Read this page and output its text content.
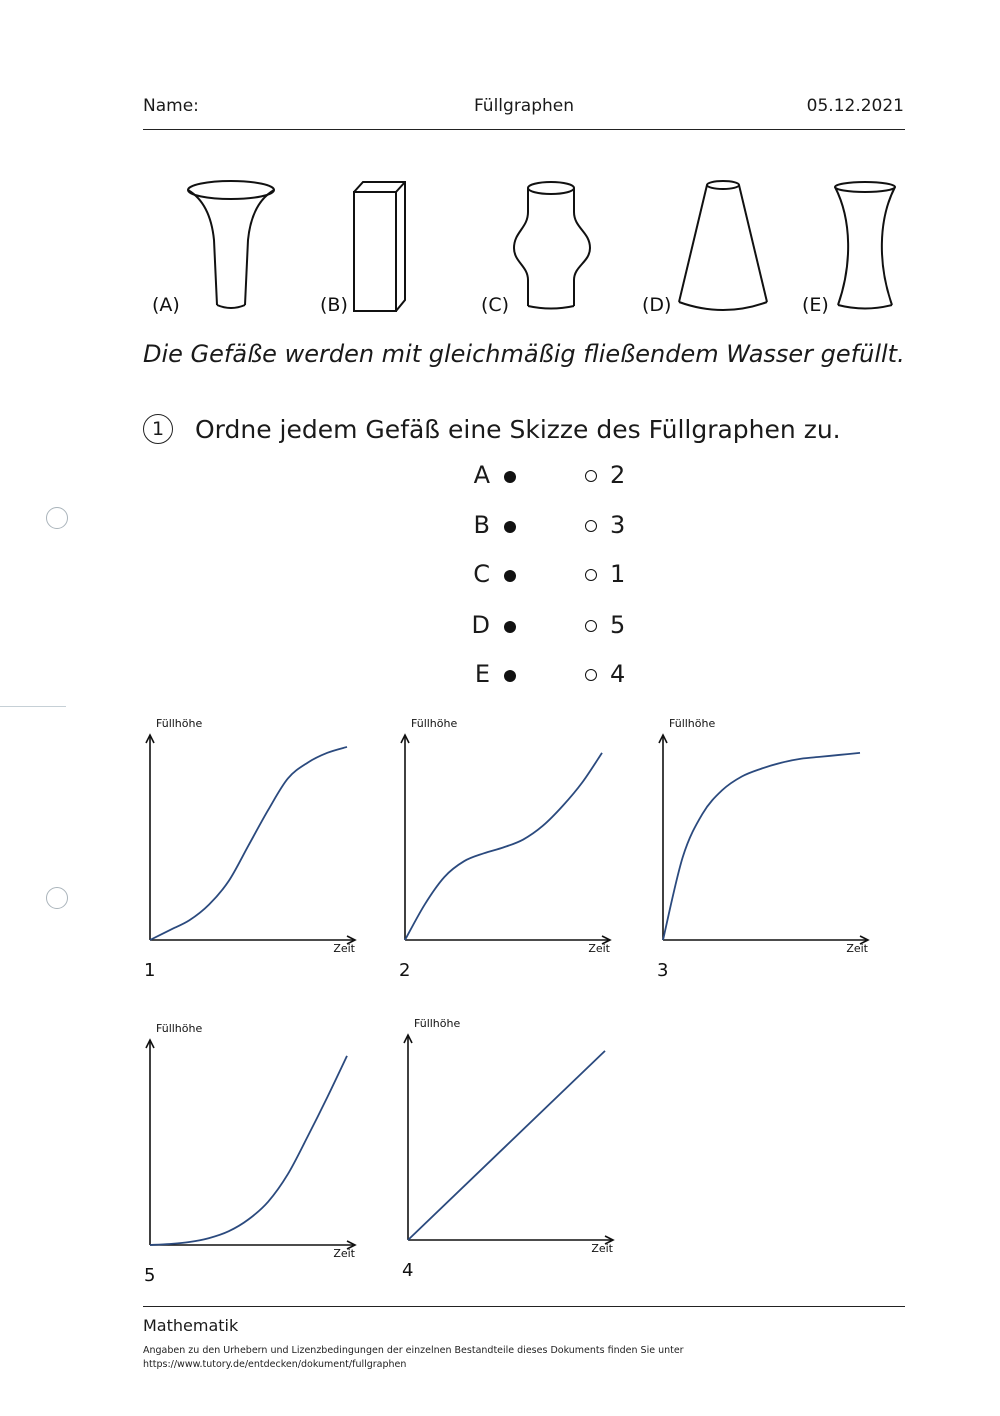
Name:	Füllgraphen	05.12.2021
(A)	(B)	(C)	(D)	(E)
Die Gefäße werden mit gleichmäßig fließendem Wasser gefüllt.
1	Ordne jedem Gefäß eine Skizze des Füllgraphen zu.
A	2
B	3
C	1
D	5
E	4
Füllhöhe
Zeit
1
Füllhöhe
Zeit
2
Füllhöhe
Zeit
3
Füllhöhe
Zeit
5
Füllhöhe
Zeit
4
Mathematik
Angaben zu den Urhebern und Lizenzbedingungen der einzelnen Bestandteile dieses Dokuments finden Sie unter
https://www.tutory.de/entdecken/dokument/fullgraphen
